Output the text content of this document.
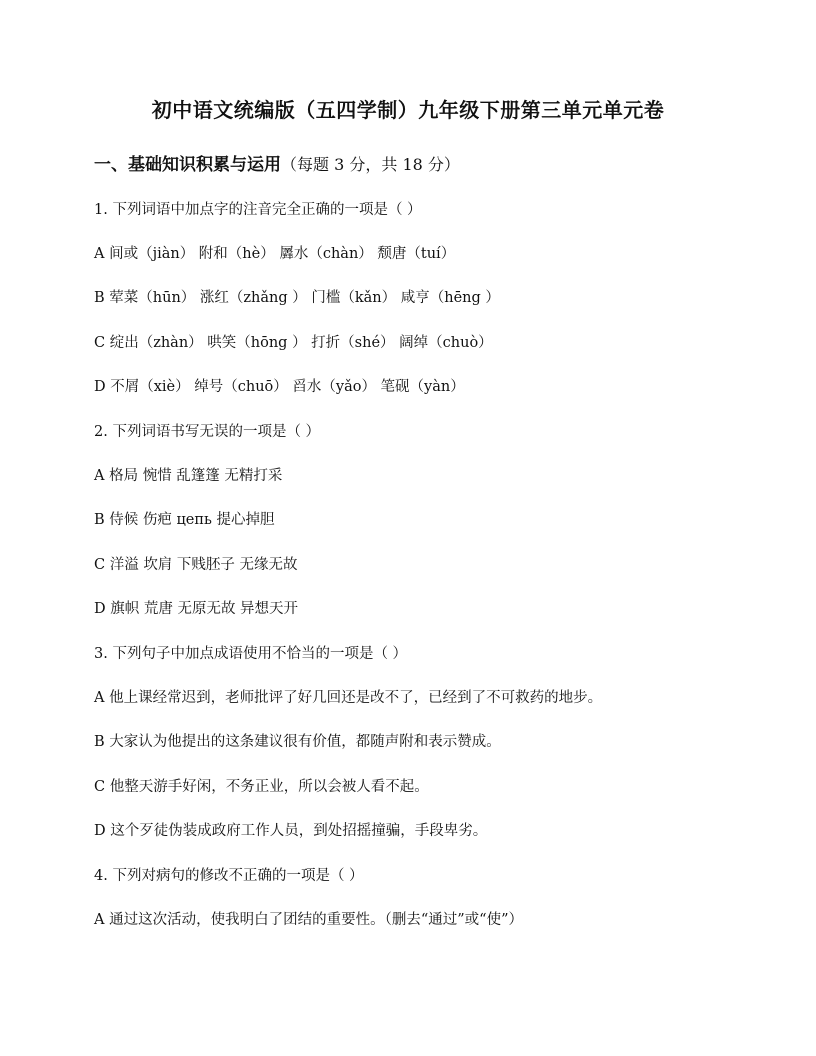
初中语文统编版（五四学制）九年级下册第三单元单元卷
一、基础知识积累与运用（每题 3 分，共 18 分）
1. 下列词语中加点字的注音完全正确的一项是（ ）
A 间或（jiàn） 附和（hè） 羼水（chàn） 颓唐（tuí）
B 荤菜（hūn） 涨红（zhǎng ） 门槛（kǎn） 咸亨（hēng ）
C 绽出（zhàn） 哄笑（hōng ） 打折（shé） 阔绰（chuò）
D 不屑（xiè） 绰号（chuō） 舀水（yǎo） 笔砚（yàn）
2. 下列词语书写无误的一项是（ ）
A 格局 惋惜 乱篷篷 无精打采
B 侍候 伤疤 цепь 提心掉胆
C 洋溢 坎肩 下贱胚子 无缘无故
D 旗帜 荒唐 无原无故 异想天开
3. 下列句子中加点成语使用不恰当的一项是（ ）
A 他上课经常迟到，老师批评了好几回还是改不了，已经到了不可救药的地步。
B 大家认为他提出的这条建议很有价值，都随声附和表示赞成。
C 他整天游手好闲，不务正业，所以会被人看不起。
D 这个歹徒伪装成政府工作人员，到处招摇撞骗，手段卑劣。
4. 下列对病句的修改不正确的一项是（ ）
A 通过这次活动，使我明白了团结的重要性。（删去“通过”或“使”）
